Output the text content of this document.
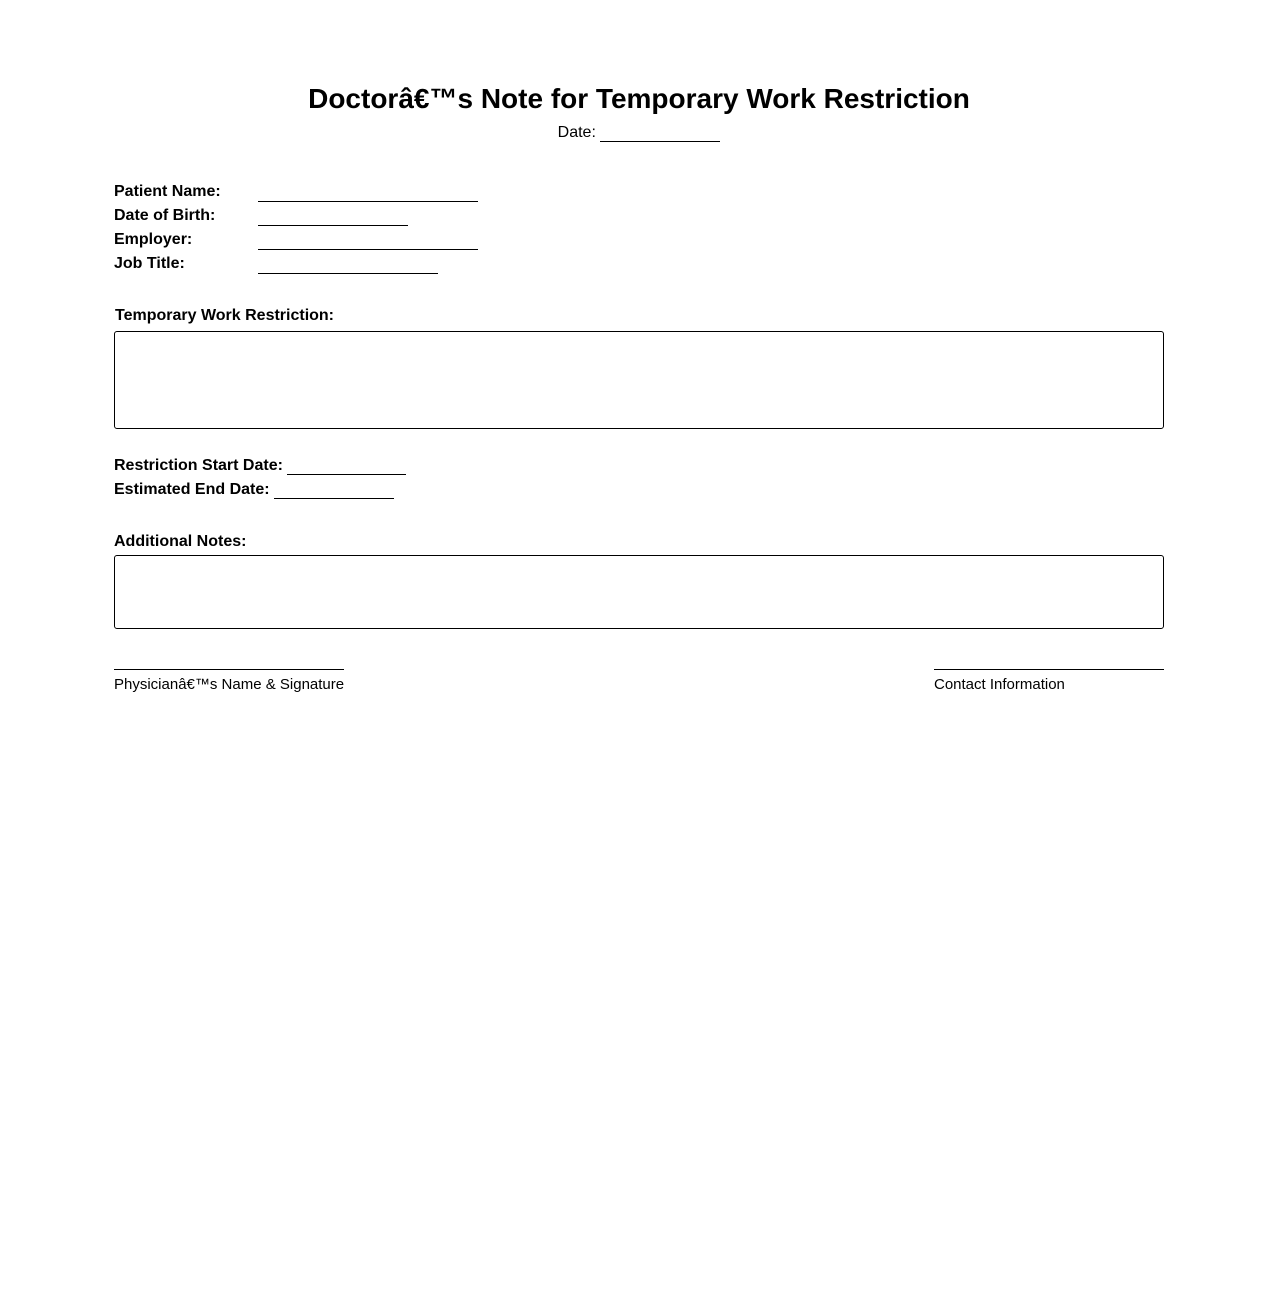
Doctorâ€™s Note for Temporary Work Restriction
Date:
Patient Name:
Date of Birth:
Employer:
Job Title:
Temporary Work Restriction:
Restriction Start Date:
Estimated End Date:
Additional Notes:
Physicianâ€™s Name & Signature	Contact Information
